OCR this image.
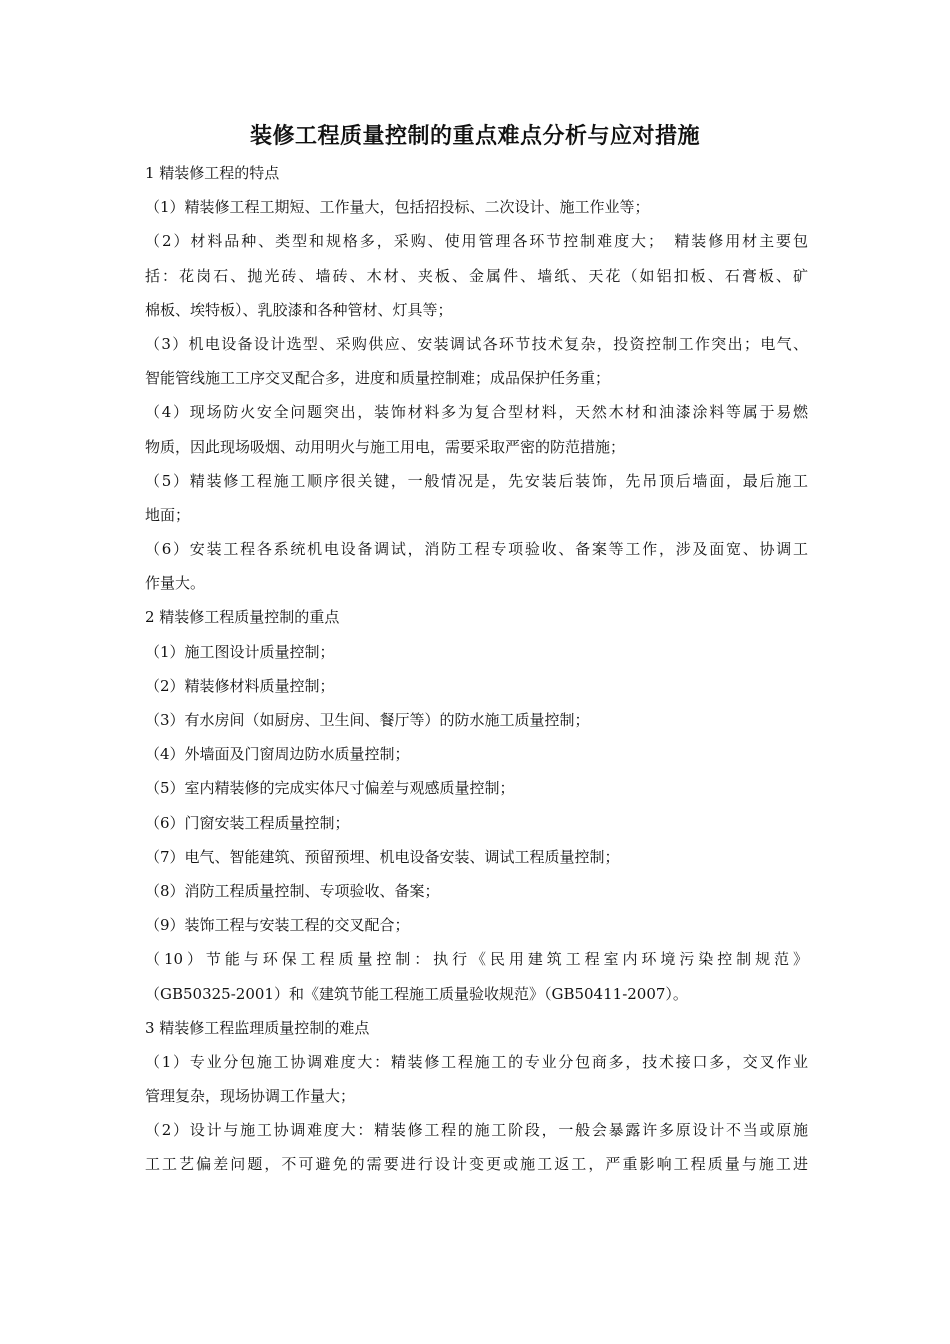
装修工程质量控制的重点难点分析与应对措施
1 精装修工程的特点
（1）精装修工程工期短、工作量大，包括招投标、二次设计、施工作业等；
（2）材料品种、类型和规格多，采购、使用管理各环节控制难度大；　精装修用材主要包
括：花岗石、抛光砖、墙砖、木材、夹板、金属件、墙纸、天花（如铝扣板、石膏板、矿
棉板、埃特板）、乳胶漆和各种管材、灯具等；
（3）机电设备设计选型、采购供应、安装调试各环节技术复杂，投资控制工作突出；电气、
智能管线施工工序交叉配合多，进度和质量控制难；成品保护任务重；
（4）现场防火安全问题突出，装饰材料多为复合型材料，天然木材和油漆涂料等属于易燃
物质，因此现场吸烟、动用明火与施工用电，需要采取严密的防范措施；
（5）精装修工程施工顺序很关键，一般情况是，先安装后装饰，先吊顶后墙面，最后施工
地面；
（6）安装工程各系统机电设备调试，消防工程专项验收、备案等工作，涉及面宽、协调工
作量大。
2 精装修工程质量控制的重点
（1）施工图设计质量控制；
（2）精装修材料质量控制；
（3）有水房间（如厨房、卫生间、餐厅等）的防水施工质量控制；
（4）外墙面及门窗周边防水质量控制；
（5）室内精装修的完成实体尺寸偏差与观感质量控制；
（6）门窗安装工程质量控制；
（7）电气、智能建筑、预留预埋、机电设备安装、调试工程质量控制；
（8）消防工程质量控制、专项验收、备案；
（9）装饰工程与安装工程的交叉配合；
（10）节能与环保工程质量控制：执行《民用建筑工程室内环境污染控制规范》
（GB50325-2001）和《建筑节能工程施工质量验收规范》（GB50411-2007）。
3 精装修工程监理质量控制的难点
（1）专业分包施工协调难度大：精装修工程施工的专业分包商多，技术接口多，交叉作业
管理复杂，现场协调工作量大；
（2）设计与施工协调难度大：精装修工程的施工阶段，一般会暴露许多原设计不当或原施
工工艺偏差问题，不可避免的需要进行设计变更或施工返工，严重影响工程质量与施工进
